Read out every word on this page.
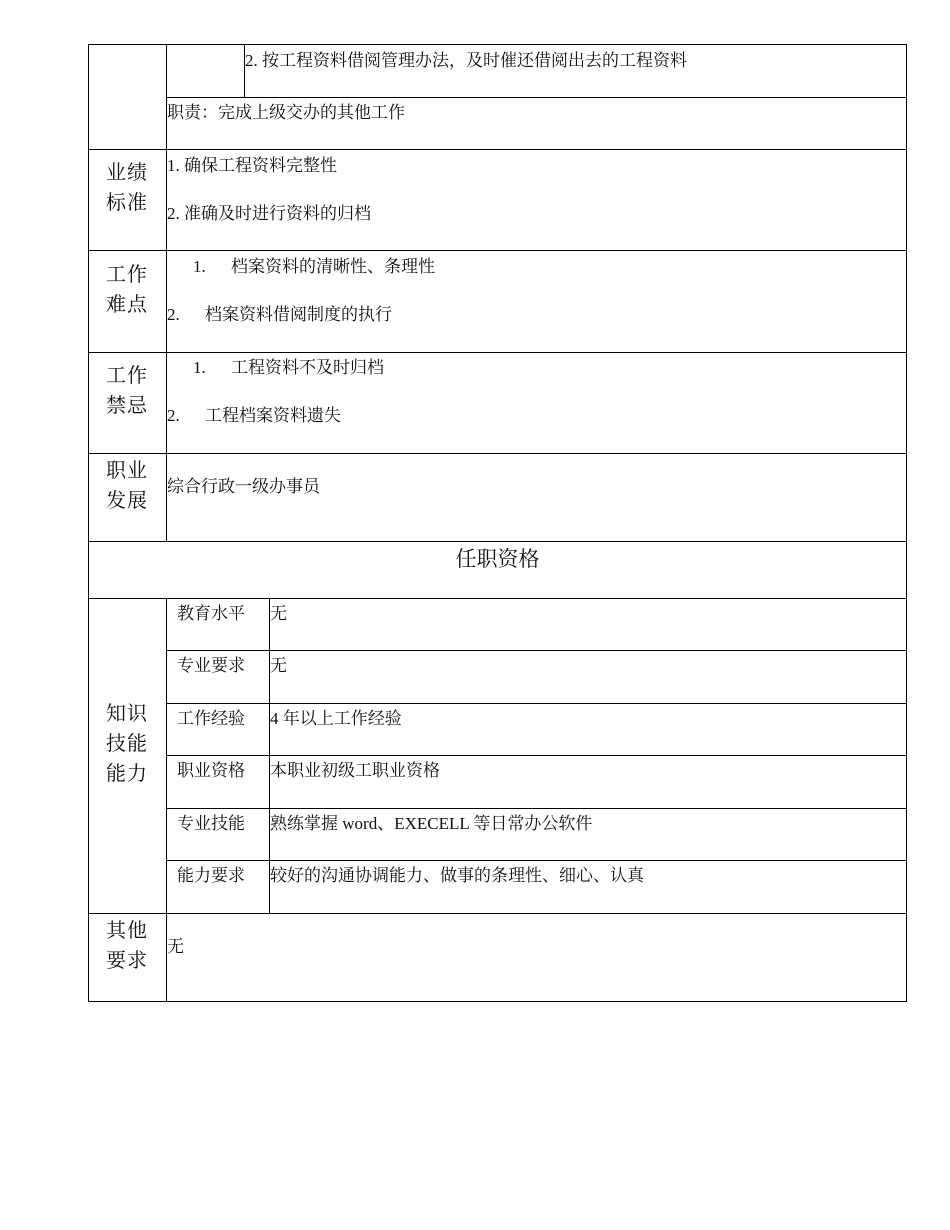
2. 按工程资料借阅管理办法，及时催还借阅出去的工程资料
职责：完成上级交办的其他工作
业绩
标准
1. 确保工程资料完整性
2. 准确及时进行资料的归档
工作
难点
1. 档案资料的清晰性、条理性
2. 档案资料借阅制度的执行
工作
禁忌
1. 工程资料不及时归档
2. 工程档案资料遗失
职业
发展
综合行政一级办事员
任职资格
知识
技能
能力
教育水平 无
专业要求 无
工作经验 4 年以上工作经验
职业资格 本职业初级工职业资格
专业技能 熟练掌握 word、EXECELL 等日常办公软件
能力要求 较好的沟通协调能力、做事的条理性、细心、认真
其他
要求
无
